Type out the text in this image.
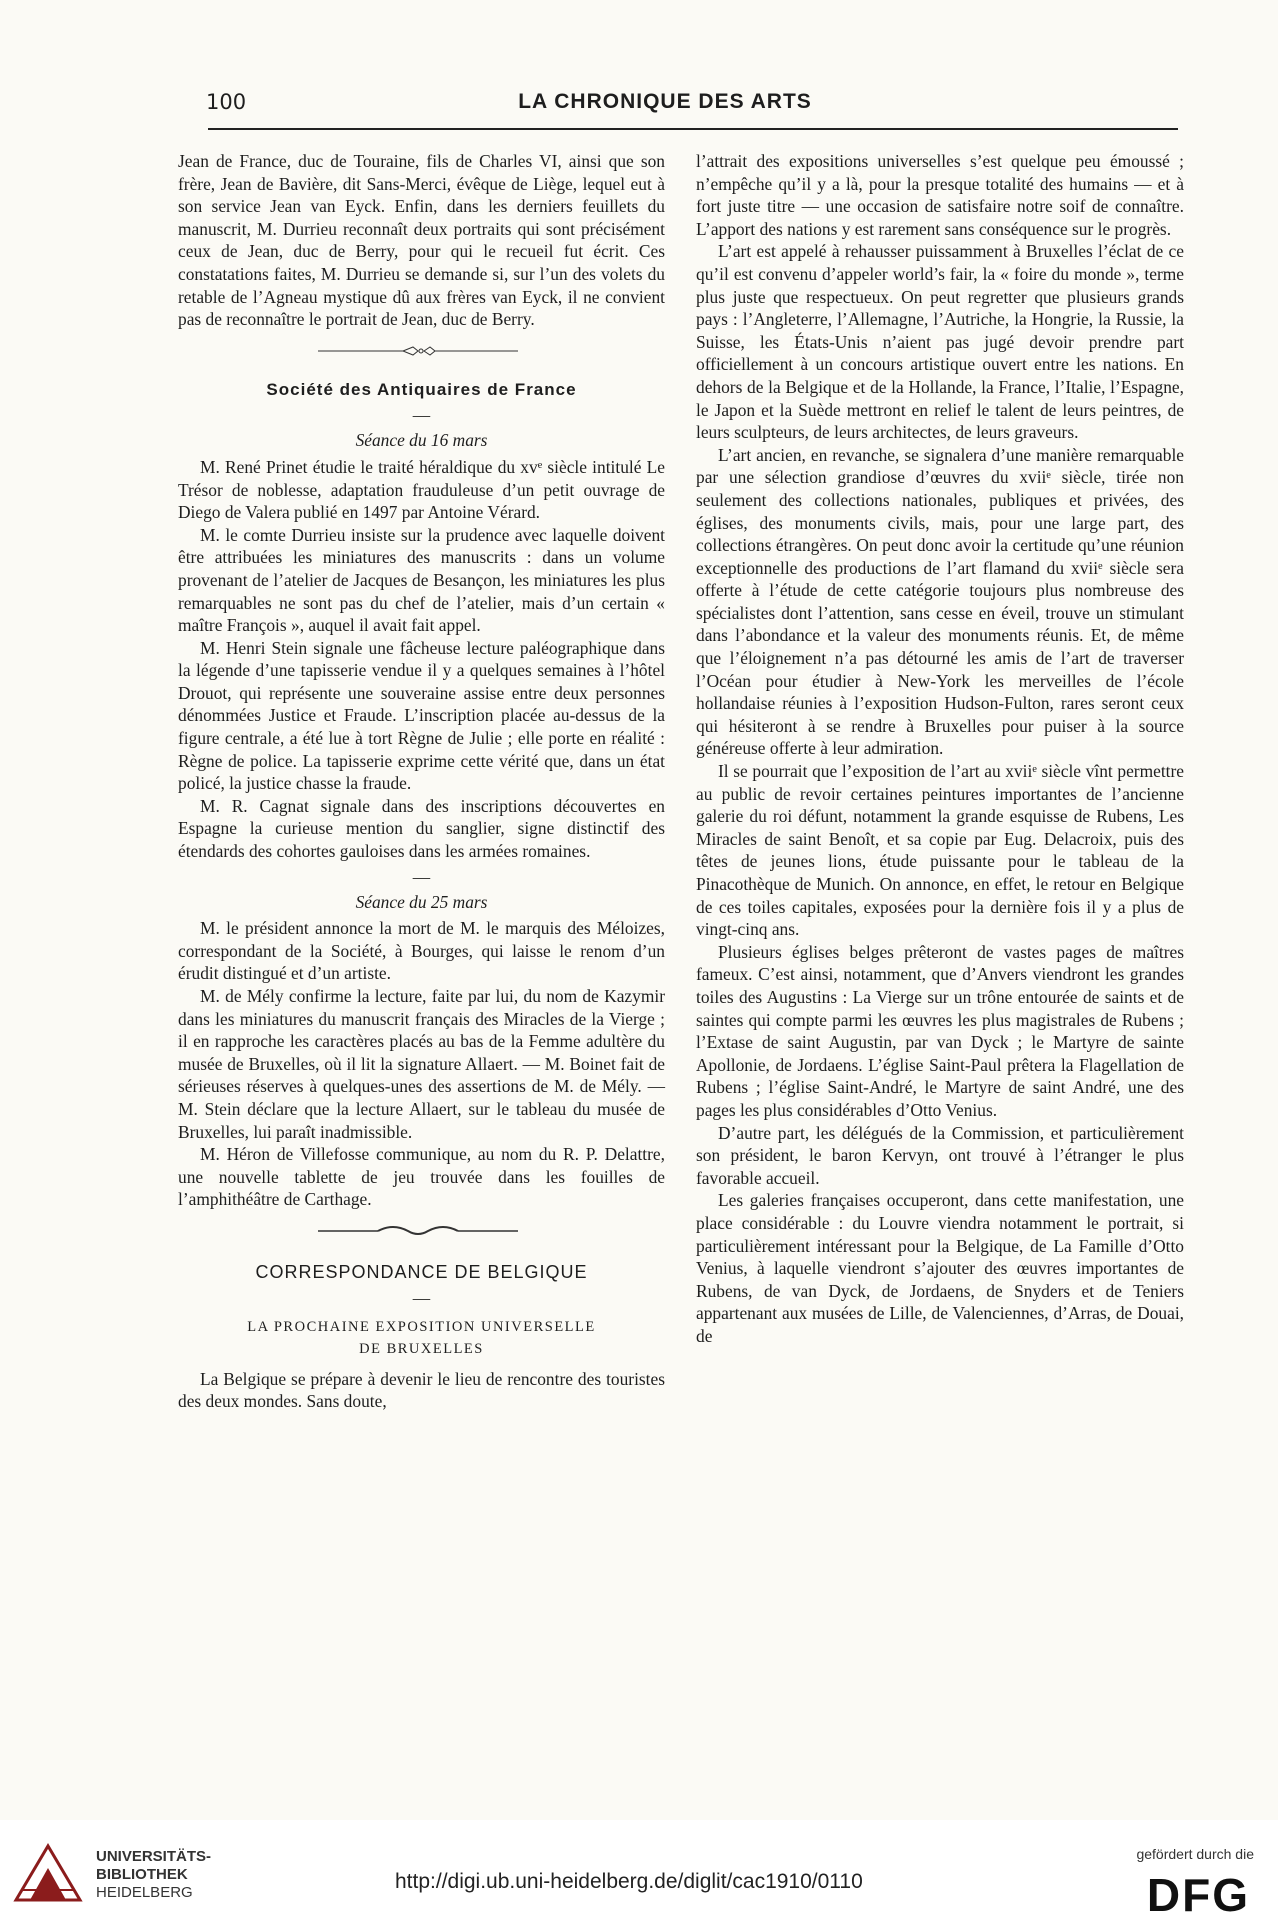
100	LA CHRONIQUE DES ARTS

Jean de France, duc de Touraine, fils de Charles VI, ainsi que son frère, Jean de Bavière, dit Sans-Merci, évêque de Liège, lequel eut à son service Jean van Eyck. Enfin, dans les derniers feuillets du manuscrit, M. Durrieu reconnaît deux portraits qui sont précisément ceux de Jean, duc de Berry, pour qui le recueil fut écrit. Ces constatations faites, M. Durrieu se demande si, sur l’un des volets du retable de l’Agneau mystique dû aux frères van Eyck, il ne convient pas de reconnaître le portrait de Jean, duc de Berry.

Société des Antiquaires de France
—
Séance du 16 mars

M. René Prinet étudie le traité héraldique du xvᵉ siècle intitulé Le Trésor de noblesse, adaptation frauduleuse d’un petit ouvrage de Diego de Valera publié en 1497 par Antoine Vérard.

M. le comte Durrieu insiste sur la prudence avec laquelle doivent être attribuées les miniatures des manuscrits : dans un volume provenant de l’atelier de Jacques de Besançon, les miniatures les plus remarquables ne sont pas du chef de l’atelier, mais d’un certain « maître François », auquel il avait fait appel.

M. Henri Stein signale une fâcheuse lecture paléographique dans la légende d’une tapisserie vendue il y a quelques semaines à l’hôtel Drouot, qui représente une souveraine assise entre deux personnes dénommées Justice et Fraude. L’inscription placée au-dessus de la figure centrale, a été lue à tort Règne de Julie ; elle porte en réalité : Règne de police. La tapisserie exprime cette vérité que, dans un état policé, la justice chasse la fraude.

M. R. Cagnat signale dans des inscriptions découvertes en Espagne la curieuse mention du sanglier, signe distinctif des étendards des cohortes gauloises dans les armées romaines.

—
Séance du 25 mars

M. le président annonce la mort de M. le marquis des Méloizes, correspondant de la Société, à Bourges, qui laisse le renom d’un érudit distingué et d’un artiste.

M. de Mély confirme la lecture, faite par lui, du nom de Kazymir dans les miniatures du manuscrit français des Miracles de la Vierge ; il en rapproche les caractères placés au bas de la Femme adultère du musée de Bruxelles, où il lit la signature Allaert. — M. Boinet fait de sérieuses réserves à quelques-unes des assertions de M. de Mély. — M. Stein déclare que la lecture Allaert, sur le tableau du musée de Bruxelles, lui paraît inadmissible.

M. Héron de Villefosse communique, au nom du R. P. Delattre, une nouvelle tablette de jeu trouvée dans les fouilles de l’amphithéâtre de Carthage.

CORRESPONDANCE DE BELGIQUE
—
LA PROCHAINE EXPOSITION UNIVERSELLE
DE BRUXELLES

La Belgique se prépare à devenir le lieu de rencontre des touristes des deux mondes. Sans doute,

l’attrait des expositions universelles s’est quelque peu émoussé ; n’empêche qu’il y a là, pour la presque totalité des humains — et à fort juste titre — une occasion de satisfaire notre soif de connaître. L’apport des nations y est rarement sans conséquence sur le progrès.

L’art est appelé à rehausser puissamment à Bruxelles l’éclat de ce qu’il est convenu d’appeler world’s fair, la « foire du monde », terme plus juste que respectueux. On peut regretter que plusieurs grands pays : l’Angleterre, l’Allemagne, l’Autriche, la Hongrie, la Russie, la Suisse, les États-Unis n’aient pas jugé devoir prendre part officiellement à un concours artistique ouvert entre les nations. En dehors de la Belgique et de la Hollande, la France, l’Italie, l’Espagne, le Japon et la Suède mettront en relief le talent de leurs peintres, de leurs sculpteurs, de leurs architectes, de leurs graveurs.

L’art ancien, en revanche, se signalera d’une manière remarquable par une sélection grandiose d’œuvres du xviiᵉ siècle, tirée non seulement des collections nationales, publiques et privées, des églises, des monuments civils, mais, pour une large part, des collections étrangères. On peut donc avoir la certitude qu’une réunion exceptionnelle des productions de l’art flamand du xviiᵉ siècle sera offerte à l’étude de cette catégorie toujours plus nombreuse des spécialistes dont l’attention, sans cesse en éveil, trouve un stimulant dans l’abondance et la valeur des monuments réunis. Et, de même que l’éloignement n’a pas détourné les amis de l’art de traverser l’Océan pour étudier à New-York les merveilles de l’école hollandaise réunies à l’exposition Hudson-Fulton, rares seront ceux qui hésiteront à se rendre à Bruxelles pour puiser à la source généreuse offerte à leur admiration.

Il se pourrait que l’exposition de l’art au xviiᵉ siècle vînt permettre au public de revoir certaines peintures importantes de l’ancienne galerie du roi défunt, notamment la grande esquisse de Rubens, Les Miracles de saint Benoît, et sa copie par Eug. Delacroix, puis des têtes de jeunes lions, étude puissante pour le tableau de la Pinacothèque de Munich. On annonce, en effet, le retour en Belgique de ces toiles capitales, exposées pour la dernière fois il y a plus de vingt-cinq ans.

Plusieurs églises belges prêteront de vastes pages de maîtres fameux. C’est ainsi, notamment, que d’Anvers viendront les grandes toiles des Augustins : La Vierge sur un trône entourée de saints et de saintes qui compte parmi les œuvres les plus magistrales de Rubens ; l’Extase de saint Augustin, par van Dyck ; le Martyre de sainte Apollonie, de Jordaens. L’église Saint-Paul prêtera la Flagellation de Rubens ; l’église Saint-André, le Martyre de saint André, une des pages les plus considérables d’Otto Venius.

D’autre part, les délégués de la Commission, et particulièrement son président, le baron Kervyn, ont trouvé à l’étranger le plus favorable accueil.

Les galeries françaises occuperont, dans cette manifestation, une place considérable : du Louvre viendra notamment le portrait, si particulièrement intéressant pour la Belgique, de La Famille d’Otto Venius, à laquelle viendront s’ajouter des œuvres importantes de Rubens, de van Dyck, de Jordaens, de Snyders et de Teniers appartenant aux musées de Lille, de Valenciennes, d’Arras, de Douai, de

UNIVERSITÄTS-
BIBLIOTHEK
HEIDELBERG	http://digi.ub.uni-heidelberg.de/diglit/cac1910/0110
gefördert durch die
DFG
